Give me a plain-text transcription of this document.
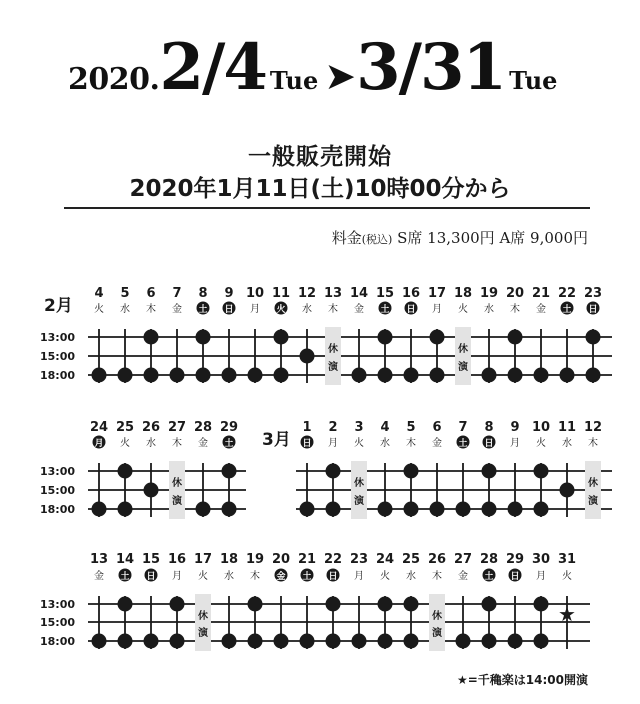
2020.2/4 Tue ➤3/31 Tue
一般販売開始
2020年1月11日(土)10時00分から
料金(税込) S席 13,300円 A席 9,000円
13:00
15:00
18:00
2月
4
火
5
水
6
木
7
金
8
土
9
日
10
月
11
火
12
水
13
木
休
演
14
金
15
土
16
日
17
月
18
火
休
演
19
水
20
木
21
金
22
土
23
日
13:00
15:00
18:00
24
月
25
火
26
水
27
木
休
演
28
金
29
土 3月
1
日
2
月
3
火
休
演
4
水
5
木
6
金
7
土
8
日
9
月
10
火
11
水
12
木
休
演
13:00
15:00
18:00
13
金
14
土
15
日
16
月
17
火
休
演
18
水
19
木
20
金
21
土
22
日
23
月
24
火
25
水
26
木
休
演
27
金
28
土
29
日
30
月
31
火
★
★=千穐楽は14:00開演
